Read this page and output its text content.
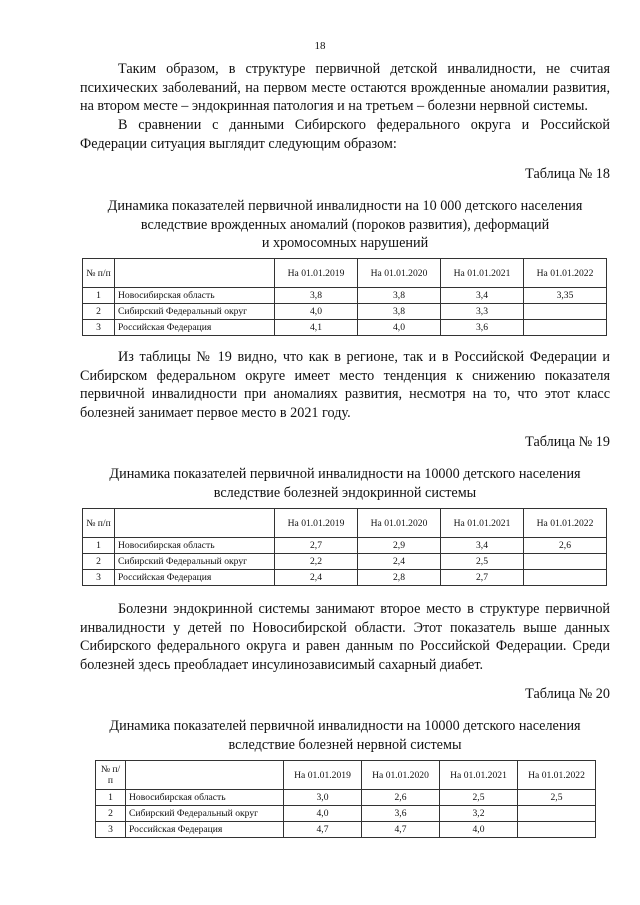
18

Таким образом, в структуре первичной детской инвалидности, не считая психических заболеваний, на первом месте остаются врожденные аномалии развития, на втором месте – эндокринная патология и на третьем – болезни нервной системы.

В сравнении с данными Сибирского федерального округа и Российской Федерации ситуация выглядит следующим образом:

Таблица № 18
Динамика показателей первичной инвалидности на 10 000 детского населения
вследствие врожденных аномалий (пороков развития), деформаций
и хромосомных нарушений
№ п/п		На 01.01.2019	На 01.01.2020	На 01.01.2021	На 01.01.2022
1	Новосибирская область	3,8	3,8	3,4	3,35
2	Сибирский Федеральный округ	4,0	3,8	3,3	
3	Российская Федерация	4,1	4,0	3,6	

Из таблицы № 19 видно, что как в регионе, так и в Российской Федерации и Сибирском федеральном округе имеет место тенденция к снижению показателя первичной инвалидности при аномалиях развития, несмотря на то, что этот класс болезней занимает первое место в 2021 году.

Таблица № 19
Динамика показателей первичной инвалидности на 10000 детского населения
вследствие болезней эндокринной системы
№ п/п		На 01.01.2019	На 01.01.2020	На 01.01.2021	На 01.01.2022
1	Новосибирская область	2,7	2,9	3,4	2,6
2	Сибирский Федеральный округ	2,2	2,4	2,5	
3	Российская Федерация	2,4	2,8	2,7	

Болезни эндокринной системы занимают второе место в структуре первичной инвалидности у детей по Новосибирской области. Этот показатель выше данных Сибирского федерального округа и равен данным по Российской Федерации. Среди болезней здесь преобладает инсулинозависимый сахарный диабет.

Таблица № 20
Динамика показателей первичной инвалидности на 10000 детского населения
вследствие болезней нервной системы
№ п/п		На 01.01.2019	На 01.01.2020	На 01.01.2021	На 01.01.2022
1	Новосибирская область	3,0	2,6	2,5	2,5
2	Сибирский Федеральный округ	4,0	3,6	3,2	
3	Российская Федерация	4,7	4,7	4,0	
